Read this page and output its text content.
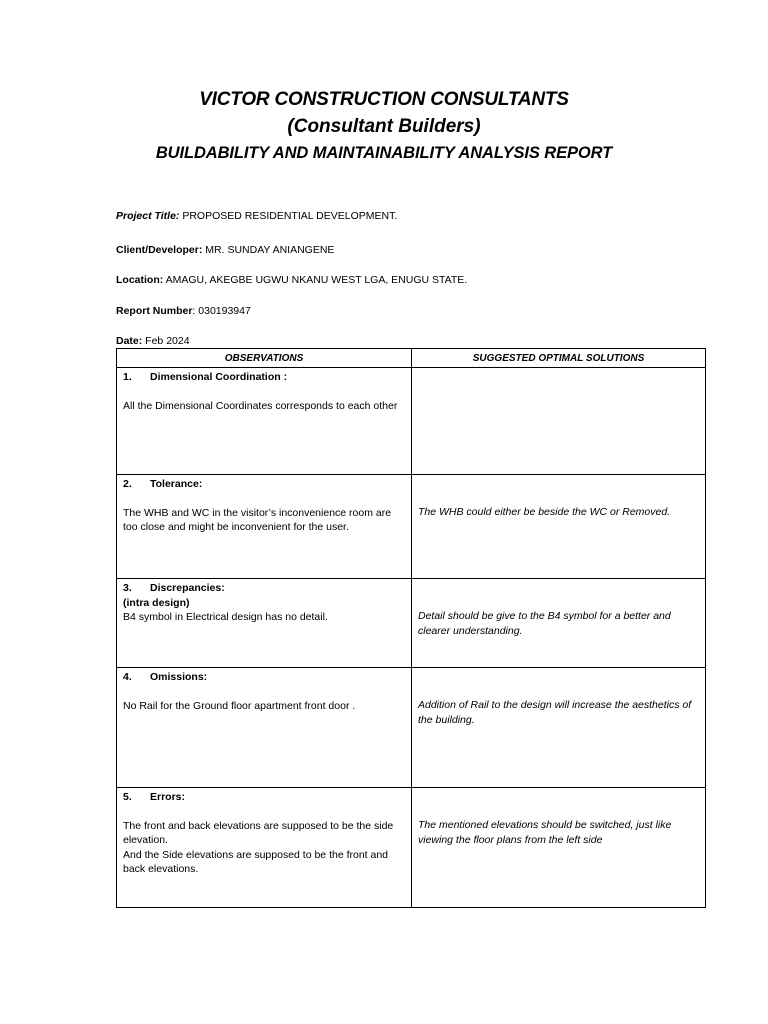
VICTOR CONSTRUCTION CONSULTANTS
(Consultant Builders)
BUILDABILITY AND MAINTAINABILITY ANALYSIS REPORT
Project Title: PROPOSED RESIDENTIAL DEVELOPMENT.
Client/Developer: MR. SUNDAY ANIANGENE
Location: AMAGU, AKEGBE UGWU NKANU WEST LGA, ENUGU STATE.
Report Number: 030193947
Date: Feb 2024
OBSERVATIONS	SUGGESTED OPTIMAL SOLUTIONS

1. Dimensional Coordination :
All the Dimensional Coordinates corresponds to each other	

2. Tolerance:
The WHB and WC in the visitor’s inconvenience room are too close and might be inconvenient for the user.	The WHB could either be beside the WC or Removed.

3. Discrepancies:
(intra design)
B4 symbol in Electrical design has no detail.	Detail should be give to the B4 symbol for a better and clearer understanding.

4. Omissions:
No Rail for the Ground floor apartment front door .	Addition of Rail to the design will increase the aesthetics of the building.

5. Errors:
The front and back elevations are supposed to be the side elevation.
And the Side elevations are supposed to be the front and back elevations.	The mentioned elevations should be switched, just like viewing the floor plans from the left side
